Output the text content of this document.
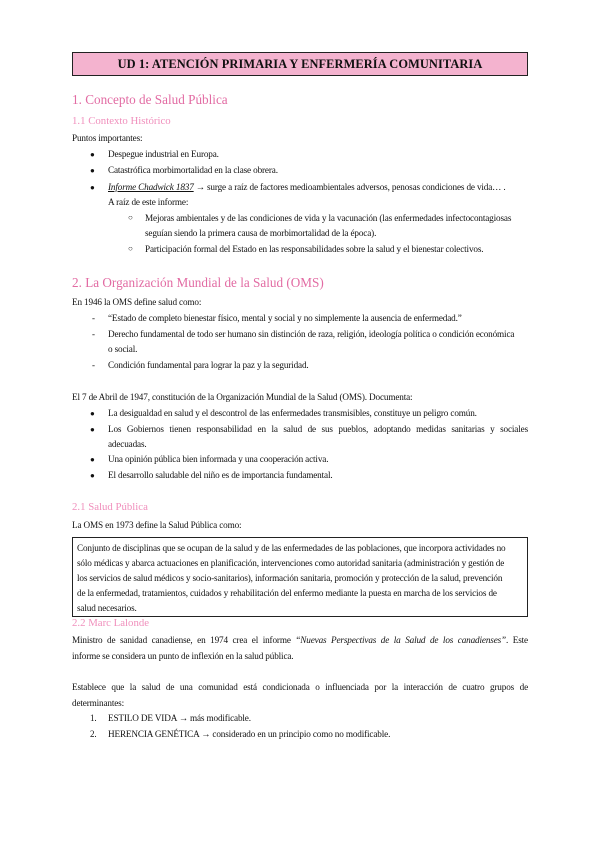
UD 1: ATENCIÓN PRIMARIA Y ENFERMERÍA COMUNITARIA
1. Concepto de Salud Pública
1.1 Contexto Histórico
Puntos importantes:
● Despegue industrial en Europa.
● Catastrófica morbimortalidad en la clase obrera.
● Informe Chadwick 1837 → surge a raíz de factores medioambientales adversos, penosas condiciones de vida… .
A raíz de este informe:
○ Mejoras ambientales y de las condiciones de vida y la vacunación (las enfermedades infectocontagiosas
seguían siendo la primera causa de morbimortalidad de la época).
○ Participación formal del Estado en las responsabilidades sobre la salud y el bienestar colectivos.
2. La Organización Mundial de la Salud (OMS)
En 1946 la OMS define salud como:
- “Estado de completo bienestar físico, mental y social y no simplemente la ausencia de enfermedad.”
- Derecho fundamental de todo ser humano sin distinción de raza, religión, ideología política o condición económica
o social.
- Condición fundamental para lograr la paz y la seguridad.
El 7 de Abril de 1947, constitución de la Organización Mundial de la Salud (OMS). Documenta:
● La desigualdad en salud y el descontrol de las enfermedades transmisibles, constituye un peligro común.
● Los Gobiernos tienen responsabilidad en la salud de sus pueblos, adoptando medidas sanitarias y sociales
adecuadas.
● Una opinión pública bien informada y una cooperación activa.
● El desarrollo saludable del niño es de importancia fundamental.
2.1 Salud Pública
La OMS en 1973 define la Salud Pública como:
Conjunto de disciplinas que se ocupan de la salud y de las enfermedades de las poblaciones, que incorpora actividades no
sólo médicas y abarca actuaciones en planificación, intervenciones como autoridad sanitaria (administración y gestión de
los servicios de salud médicos y socio-sanitarios), información sanitaria, promoción y protección de la salud, prevención
de la enfermedad, tratamientos, cuidados y rehabilitación del enfermo mediante la puesta en marcha de los servicios de
salud necesarios.
2.2 Marc Lalonde
Ministro de sanidad canadiense, en 1974 crea el informe “Nuevas Perspectivas de la Salud de los canadienses”. Este
informe se considera un punto de inflexión en la salud pública.
Establece que la salud de una comunidad está condicionada o influenciada por la interacción de cuatro grupos de
determinantes:
1. ESTILO DE VIDA → más modificable.
2. HERENCIA GENÉTICA → considerado en un principio como no modificable.
